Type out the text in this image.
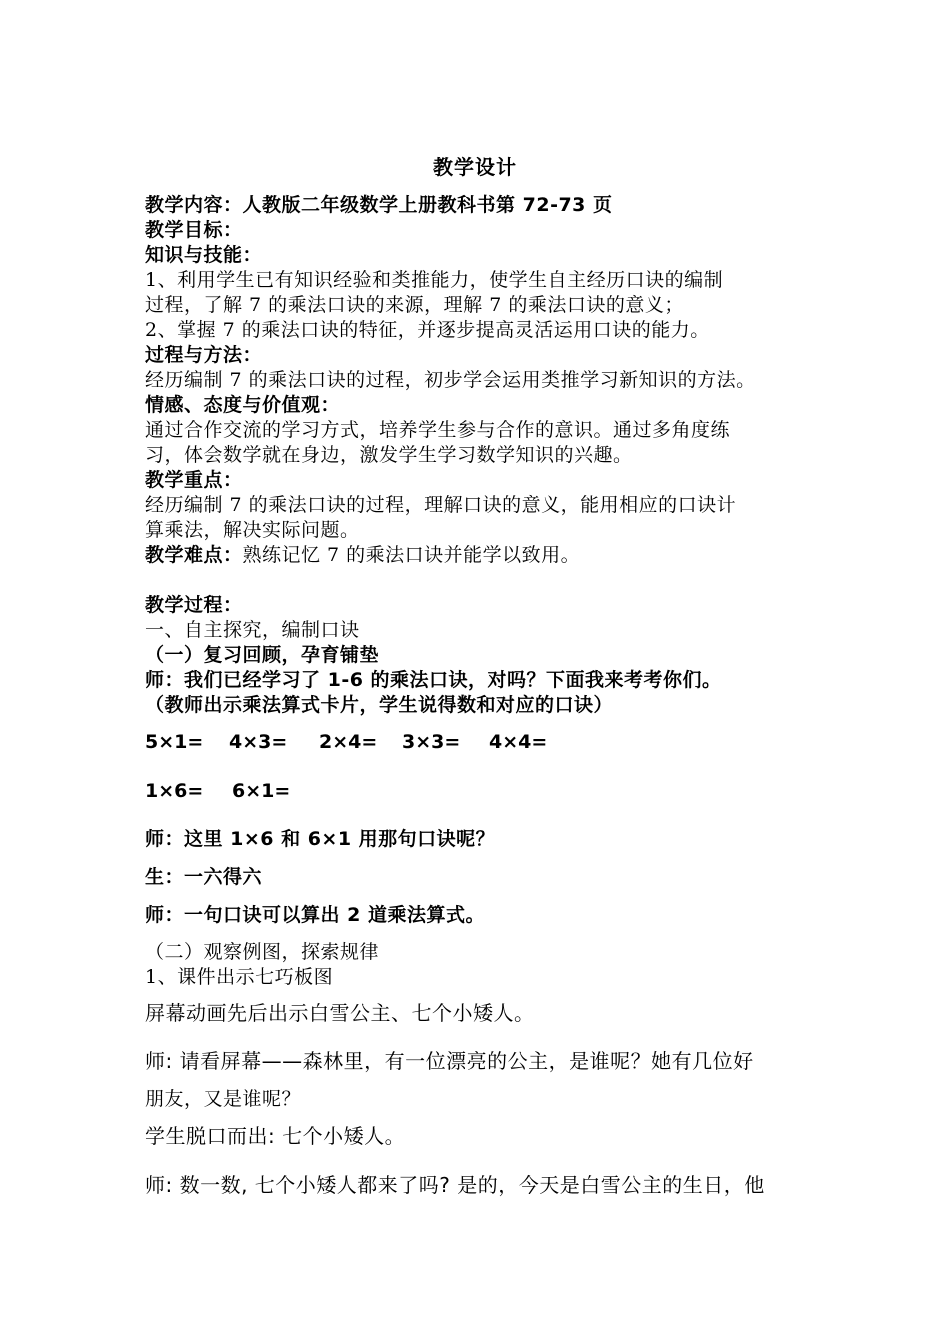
教学设计
教学内容：人教版二年级数学上册教科书第 72-73 页
教学目标：
知识与技能：
1、利用学生已有知识经验和类推能力，使学生自主经历口诀的编制
过程，了解 7 的乘法口诀的来源，理解 7 的乘法口诀的意义；
2、掌握 7 的乘法口诀的特征，并逐步提高灵活运用口诀的能力。
过程与方法：
经历编制 7 的乘法口诀的过程，初步学会运用类推学习新知识的方法。
情感、态度与价值观：
通过合作交流的学习方式，培养学生参与合作的意识。通过多角度练
习，体会数学就在身边，激发学生学习数学知识的兴趣。
教学重点：
经历编制 7 的乘法口诀的过程，理解口诀的意义，能用相应的口诀计
算乘法，解决实际问题。
教学难点：熟练记忆 7 的乘法口诀并能学以致用。
教学过程：
一、自主探究，编制口诀
（一）复习回顾，孕育铺垫
师：我们已经学习了 1-6 的乘法口诀，对吗？下面我来考考你们。
（教师出示乘法算式卡片，学生说得数和对应的口诀）
5×1= 4×3= 2×4= 3×3= 4×4=
1×6= 6×1=
师：这里 1×6 和 6×1 用那句口诀呢？
生：一六得六
师：一句口诀可以算出 2 道乘法算式。
（二）观察例图，探索规律
1、课件出示七巧板图
屏幕动画先后出示白雪公主、七个小矮人。
师: 请看屏幕——森林里，有一位漂亮的公主，是谁呢？她有几位好
朋友，又是谁呢？
学生脱口而出: 七个小矮人。
师: 数一数, 七个小矮人都来了吗? 是的，今天是白雪公主的生日，他
